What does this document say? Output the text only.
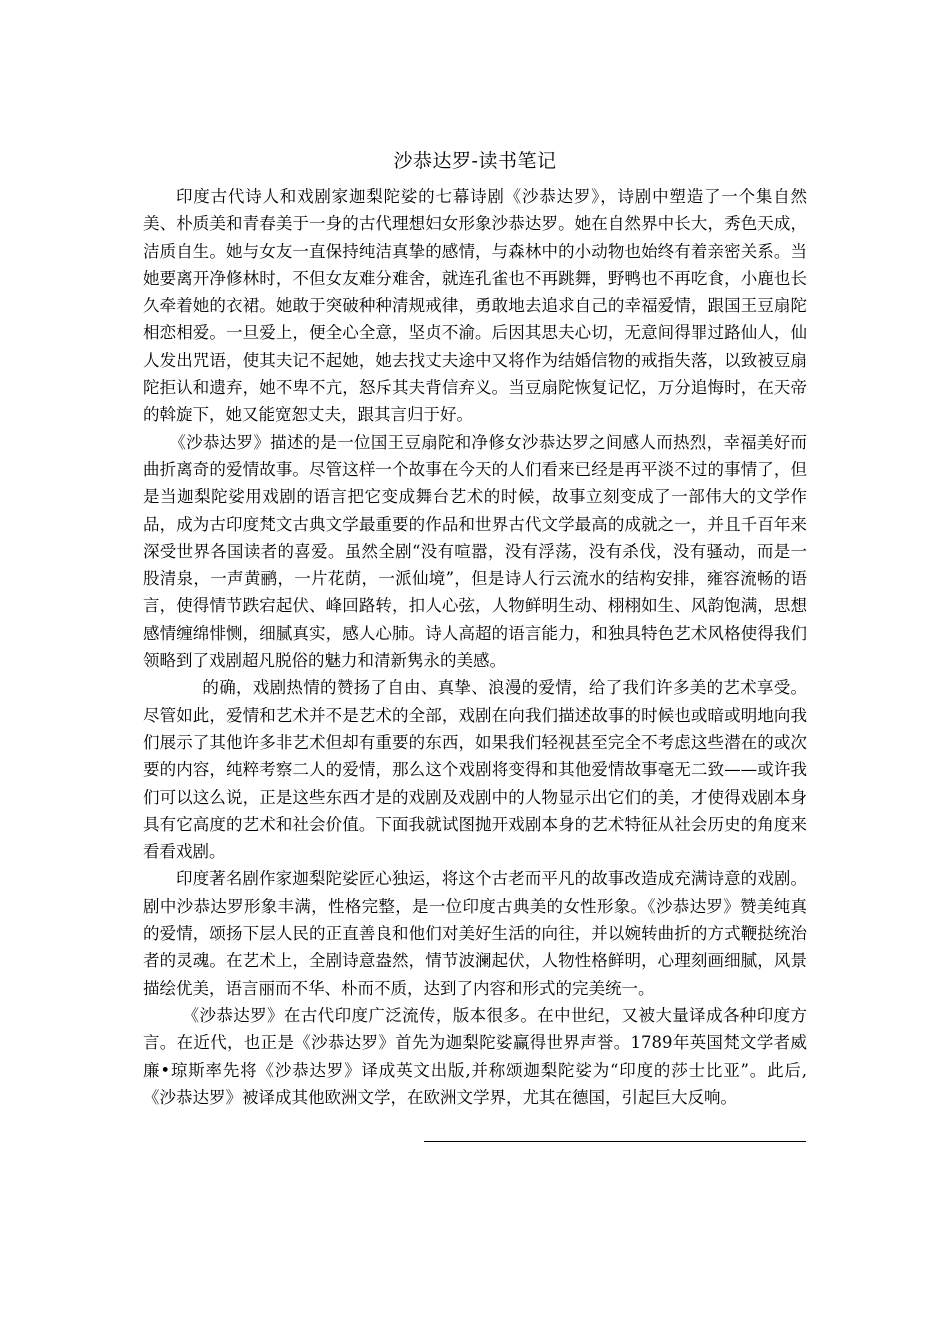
沙恭达罗-读书笔记

印度古代诗人和戏剧家迦梨陀娑的七幕诗剧《沙恭达罗》，诗剧中塑造了一个集自然美、朴质美和青春美于一身的古代理想妇女形象沙恭达罗。她在自然界中长大，秀色天成，洁质自生。她与女友一直保持纯洁真挚的感情，与森林中的小动物也始终有着亲密关系。当她要离开净修林时，不但女友难分难舍，就连孔雀也不再跳舞，野鸭也不再吃食，小鹿也长久牵着她的衣裙。她敢于突破种种清规戒律，勇敢地去追求自己的幸福爱情，跟国王豆扇陀相恋相爱。一旦爱上，便全心全意，坚贞不渝。后因其思夫心切，无意间得罪过路仙人，仙人发出咒语，使其夫记不起她，她去找丈夫途中又将作为结婚信物的戒指失落，以致被豆扇陀拒认和遗弃，她不卑不亢，怒斥其夫背信弃义。当豆扇陀恢复记忆，万分追悔时，在天帝的斡旋下，她又能宽恕丈夫，跟其言归于好。

《沙恭达罗》描述的是一位国王豆扇陀和净修女沙恭达罗之间感人而热烈，幸福美好而曲折离奇的爱情故事。尽管这样一个故事在今天的人们看来已经是再平淡不过的事情了，但是当迦梨陀娑用戏剧的语言把它变成舞台艺术的时候，故事立刻变成了一部伟大的文学作品，成为古印度梵文古典文学最重要的作品和世界古代文学最高的成就之一，并且千百年来深受世界各国读者的喜爱。虽然全剧“没有喧嚣，没有浮荡，没有杀伐，没有骚动，而是一股清泉，一声黄鹂，一片花荫，一派仙境”，但是诗人行云流水的结构安排，雍容流畅的语言，使得情节跌宕起伏、峰回路转，扣人心弦，人物鲜明生动、栩栩如生、风韵饱满，思想感情缠绵悱恻，细腻真实，感人心肺。诗人高超的语言能力，和独具特色艺术风格使得我们领略到了戏剧超凡脱俗的魅力和清新隽永的美感。

的确，戏剧热情的赞扬了自由、真挚、浪漫的爱情，给了我们许多美的艺术享受。尽管如此，爱情和艺术并不是艺术的全部，戏剧在向我们描述故事的时候也或暗或明地向我们展示了其他许多非艺术但却有重要的东西，如果我们轻视甚至完全不考虑这些潜在的或次要的内容，纯粹考察二人的爱情，那么这个戏剧将变得和其他爱情故事毫无二致——或许我们可以这么说，正是这些东西才是的戏剧及戏剧中的人物显示出它们的美，才使得戏剧本身具有它高度的艺术和社会价值。下面我就试图抛开戏剧本身的艺术特征从社会历史的角度来看看戏剧。

印度著名剧作家迦梨陀娑匠心独运，将这个古老而平凡的故事改造成充满诗意的戏剧。剧中沙恭达罗形象丰满，性格完整，是一位印度古典美的女性形象。《沙恭达罗》赞美纯真的爱情，颂扬下层人民的正直善良和他们对美好生活的向往，并以婉转曲折的方式鞭挞统治者的灵魂。在艺术上，全剧诗意盎然，情节波澜起伏，人物性格鲜明，心理刻画细腻，风景描绘优美，语言丽而不华、朴而不质，达到了内容和形式的完美统一。

《沙恭达罗》在古代印度广泛流传，版本很多。在中世纪，又被大量译成各种印度方言。在近代，也正是《沙恭达罗》首先为迦梨陀娑赢得世界声誉。1789年英国梵文学者威廉•琼斯率先将《沙恭达罗》译成英文出版,并称颂迦梨陀娑为“印度的莎士比亚”。此后,《沙恭达罗》被译成其他欧洲文学，在欧洲文学界，尤其在德国，引起巨大反响。
